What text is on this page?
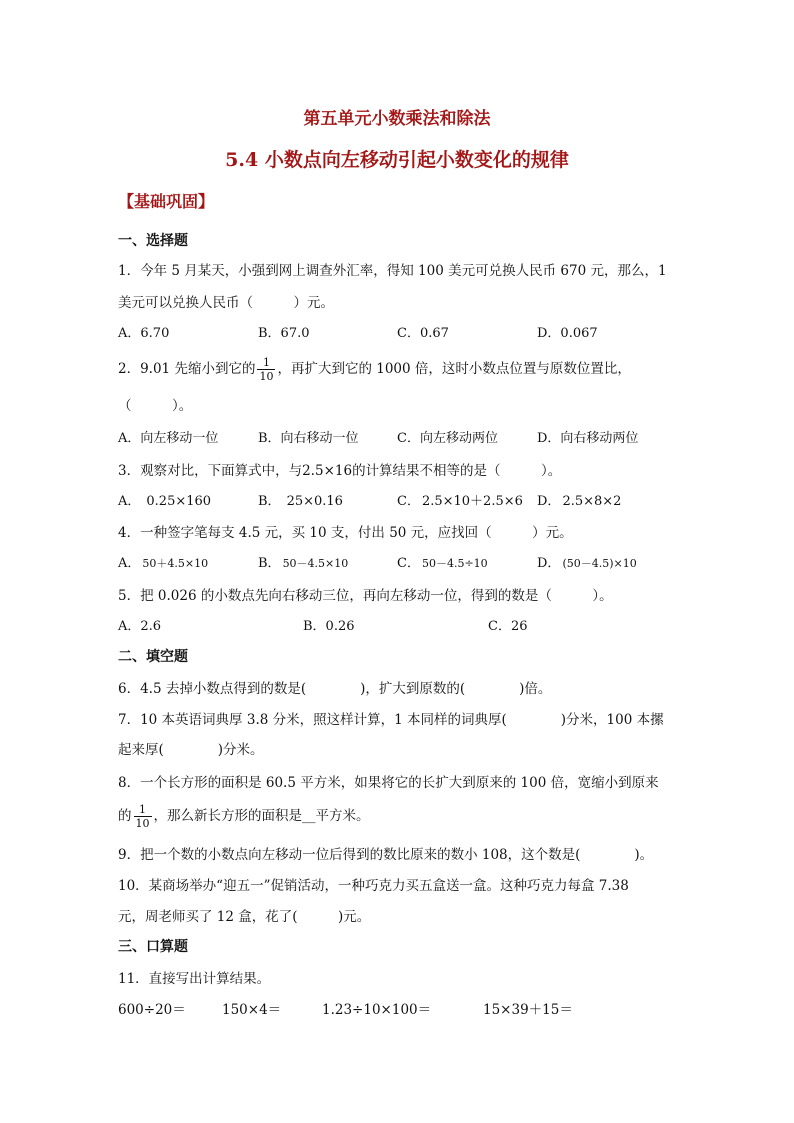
第五单元小数乘法和除法
5.4 小数点向左移动引起小数变化的规律
【基础巩固】
一、选择题
1．今年 5 月某天，小强到网上调查外汇率，得知 100 美元可兑换人民币 670 元，那么，1
美元可以兑换人民币（　　　）元。
A．6.70	B．67.0	C．0.67	D．0.067
2．9.01 先缩小到它的 $\frac{1}{10}$ ，再扩大到它的 1000 倍，这时小数点位置与原数位置比，
（　　　）。
A．向左移动一位	B．向右移动一位	C．向左移动两位	D．向右移动两位
3．观察对比，下面算式中，与2.5×16的计算结果不相等的是（　　　）。
A． 0.25×160	B． 25×0.16	C． 2.5×10＋2.5×6 D． 2.5×8×2
4．一种签字笔每支 4.5 元，买 10 支，付出 50 元，应找回（　　　）元。
A． 50＋4.5×10	B． 50－4.5×10	C． 50－4.5÷10	D． (50－4.5)×10
5．把 0.026 的小数点先向右移动三位，再向左移动一位，得到的数是（　　　）。
A．2.6	B．0.26	C．26
二、填空题
6．4.5 去掉小数点得到的数是(　　　　)，扩大到原数的(　　　　)倍。
7．10 本英语词典厚 3.8 分米，照这样计算，1 本同样的词典厚(　　　　)分米，100 本摞
起来厚(　　　　)分米。
8．一个长方形的面积是 60.5 平方米，如果将它的长扩大到原来的 100 倍，宽缩小到原来
的 $\frac{1}{10}$ ，那么新长方形的面积是__平方米。
9．把一个数的小数点向左移动一位后得到的数比原来的数小 108，这个数是(　　　　)。
10．某商场举办“迎五一”促销活动，一种巧克力买五盒送一盒。这种巧克力每盒 7.38
元，周老师买了 12 盒，花了(　　　)元。
三、口算题
11．直接写出计算结果。
600÷20＝	150×4＝	1.23÷10×100＝	15×39＋15＝
